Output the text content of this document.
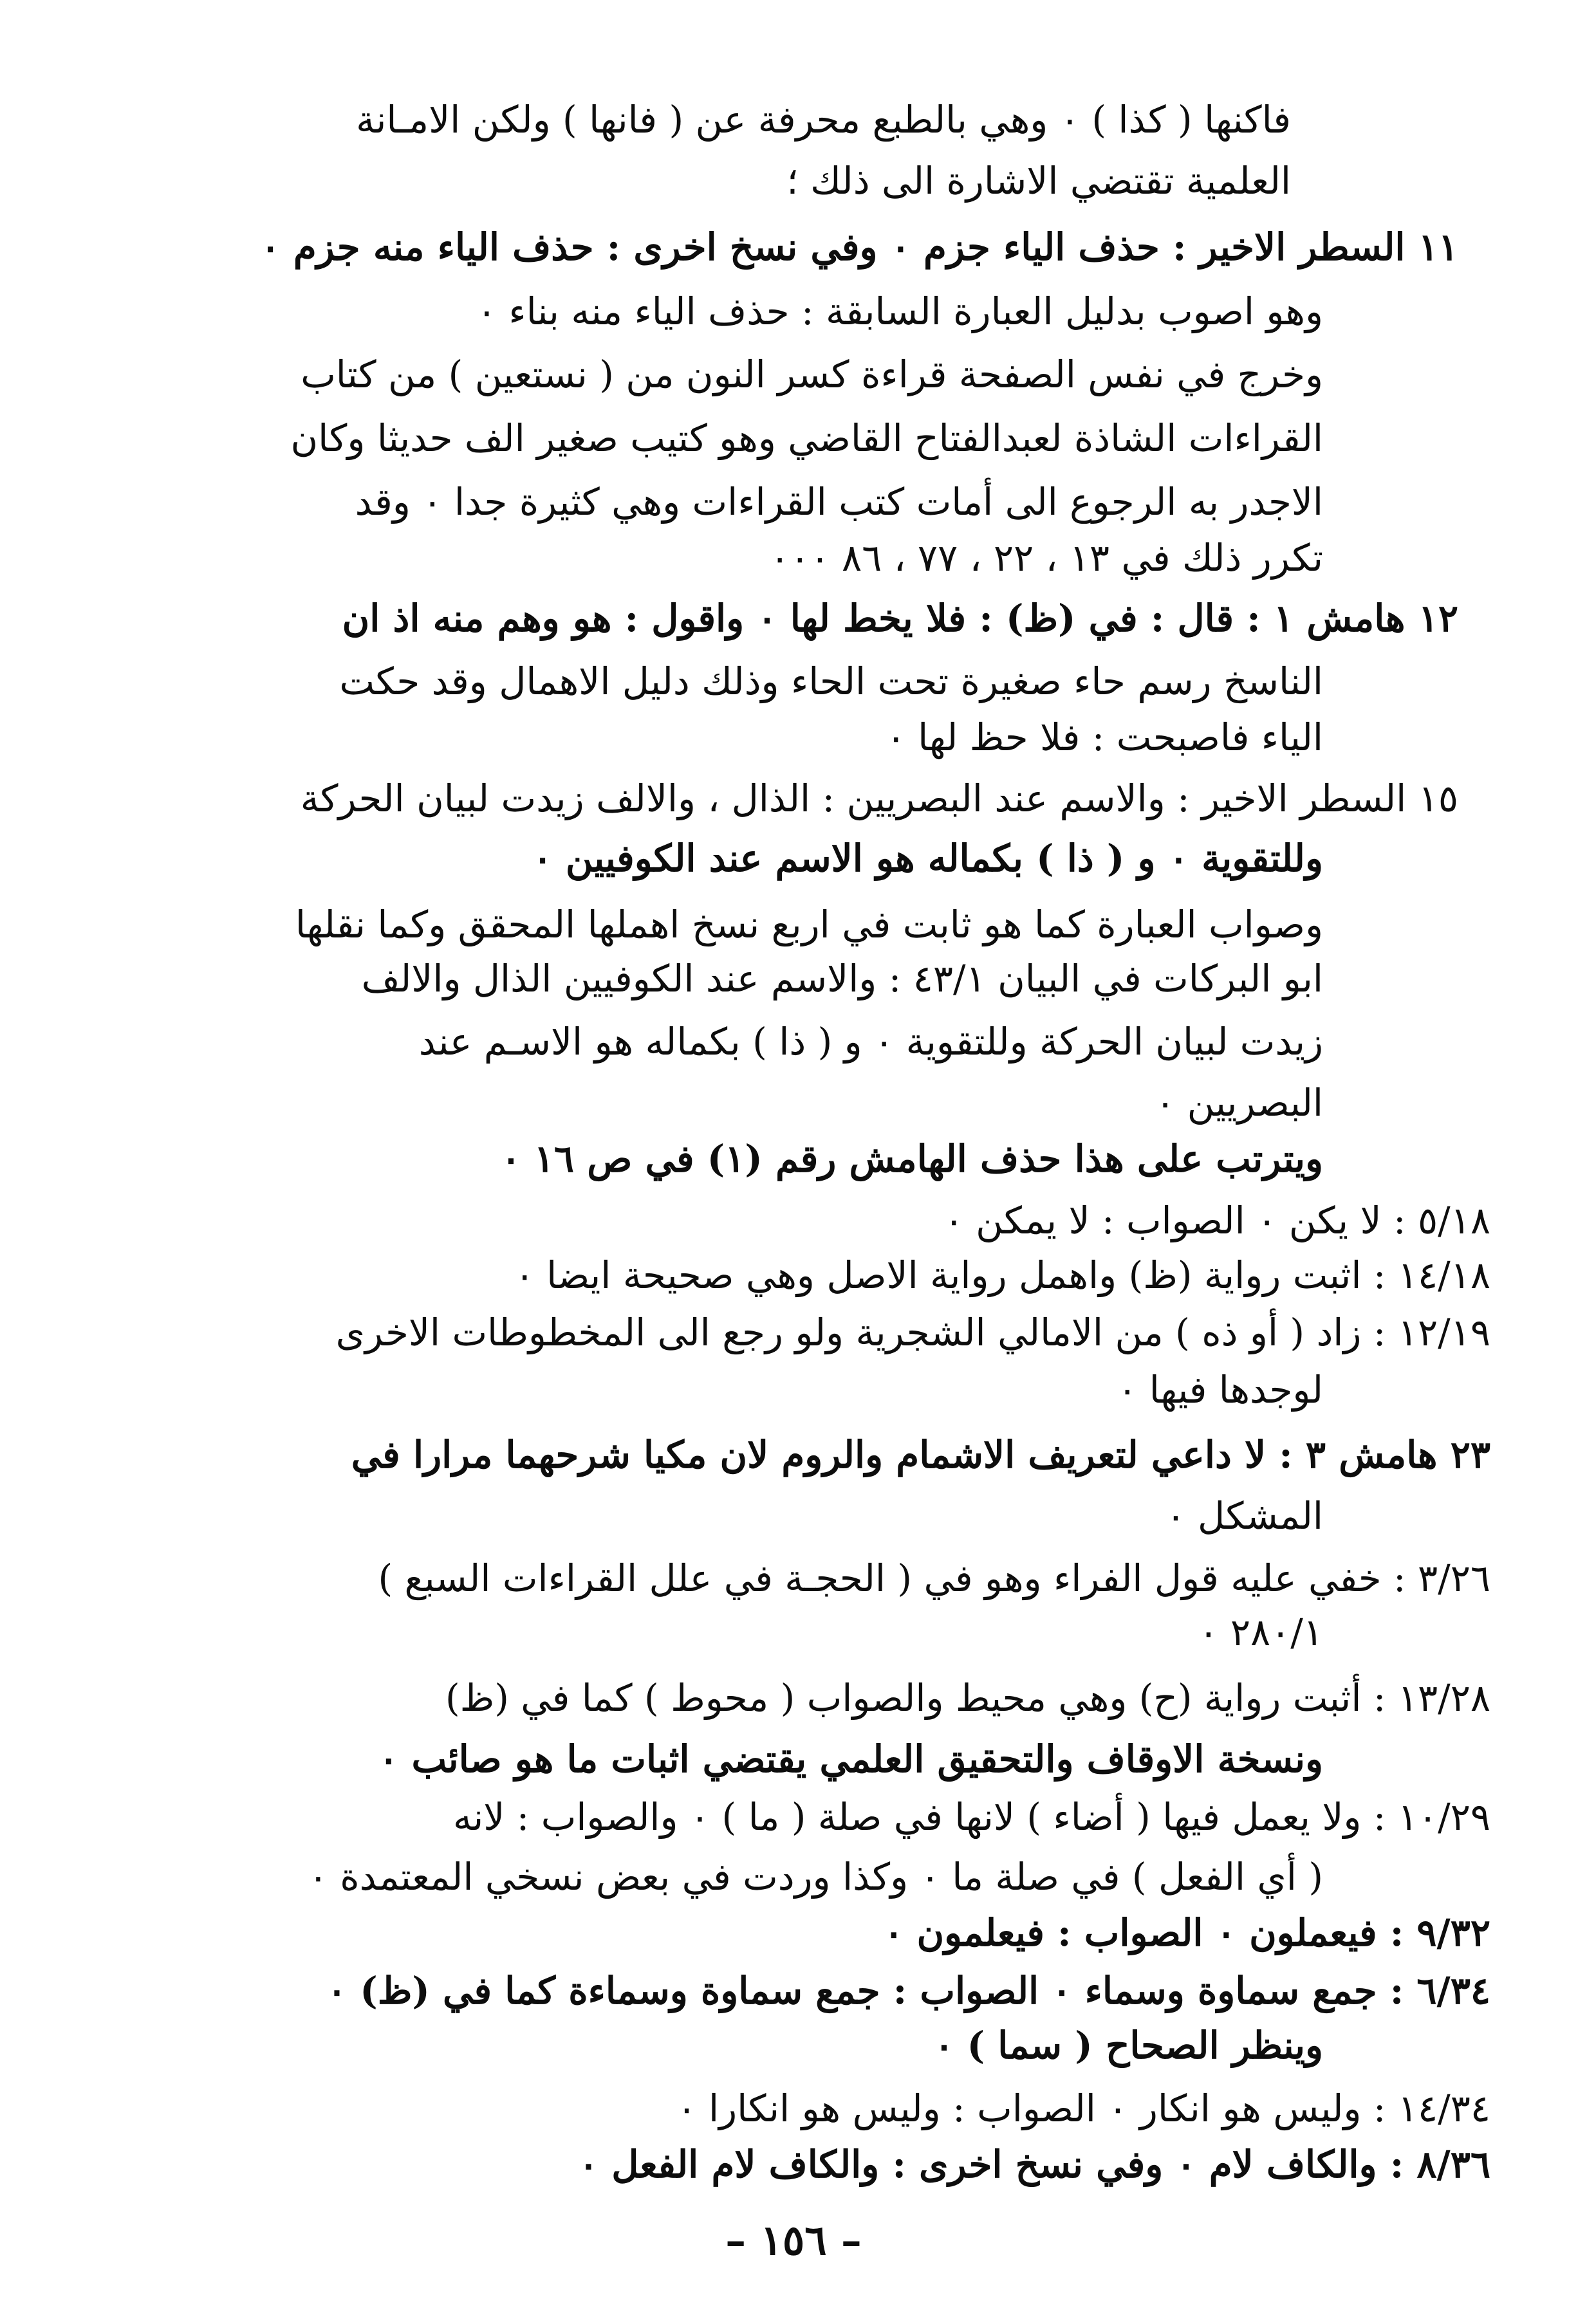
فاكنها ( كذا ) ٠ وهي بالطبع محرفة عن ( فانها ) ولكن الامـانة
العلمية تقتضي الاشارة الى ذلك ؛
١١ السطر الاخير : حذف الياء جزم ٠ وفي نسخ اخرى : حذف الياء منه جزم ٠
وهو اصوب بدليل العبارة السابقة : حذف الياء منه بناء ٠
وخرج في نفس الصفحة قراءة كسر النون من ( نستعين ) من كتاب
القراءات الشاذة لعبدالفتاح القاضي وهو كتيب صغير الف حديثا وكان
الاجدر به الرجوع الى أمات كتب القراءات وهي كثيرة جدا ٠ وقد
تكرر ذلك في ١٣ ، ٢٢ ، ٧٧ ، ٨٦ ٠٠٠
١٢ هامش ١ : قال : في (ظ) : فلا يخط لها ٠ واقول : هو وهم منه اذ ان
الناسخ رسم حاء صغيرة تحت الحاء وذلك دليل الاهمال وقد حكت
الياء فاصبحت : فلا حظ لها ٠
١٥ السطر الاخير : والاسم عند البصريين : الذال ، والالف زيدت لبيان الحركة
وللتقوية ٠ و ( ذا ) بكماله هو الاسم عند الكوفيين ٠
وصواب العبارة كما هو ثابت في اربع نسخ اهملها المحقق وكما نقلها
ابو البركات في البيان ٤٣/١ : والاسم عند الكوفيين الذال والالف
زيدت لبيان الحركة وللتقوية ٠ و ( ذا ) بكماله هو الاسـم عند
البصريين ٠
ويترتب على هذا حذف الهامش رقم (١) في ص ١٦ ٠
٥/١٨ : لا يكن ٠ الصواب : لا يمكن ٠
١٤/١٨ : اثبت رواية (ظ) واهمل رواية الاصل وهي صحيحة ايضا ٠
١٢/١٩ : زاد ( أو ذه ) من الامالي الشجرية ولو رجع الى المخطوطات الاخرى
لوجدها فيها ٠
٢٣ هامش ٣ : لا داعي لتعريف الاشمام والروم لان مكيا شرحهما مرارا في
المشكل ٠
٣/٢٦ : خفي عليه قول الفراء وهو في ( الحجـة في علل القراءات السبع )
٢٨٠/١ ٠
١٣/٢٨ : أثبت رواية (ح) وهي محيط والصواب ( محوط ) كما في (ظ)
ونسخة الاوقاف والتحقيق العلمي يقتضي اثبات ما هو صائب ٠
١٠/٢٩ : ولا يعمل فيها ( أضاء ) لانها في صلة ( ما ) ٠ والصواب : لانه
( أي الفعل ) في صلة ما ٠ وكذا وردت في بعض نسخي المعتمدة ٠
٩/٣٢ : فيعملون ٠ الصواب : فيعلمون ٠
٦/٣٤ : جمع سماوة وسماء ٠ الصواب : جمع سماوة وسماءة كما في (ظ) ٠
وينظر الصحاح ( سما ) ٠
١٤/٣٤ : وليس هو انكار ٠ الصواب : وليس هو انكارا ٠
٨/٣٦ : والكاف لام ٠ وفي نسخ اخرى : والكاف لام الفعل ٠
– ١٥٦ –
